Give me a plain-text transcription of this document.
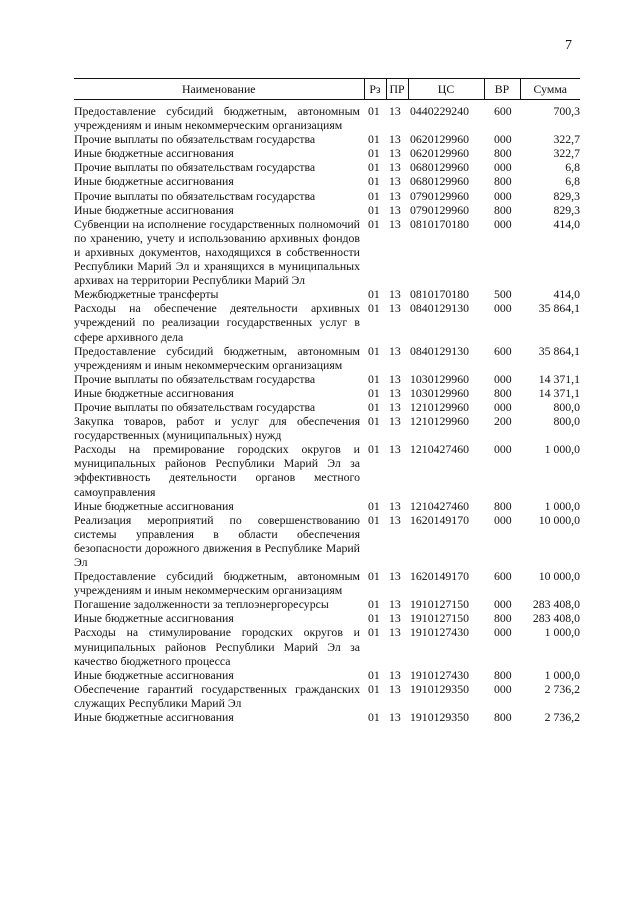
7
Наименование	Рз	ПР	ЦС	ВР	Сумма
Предоставление субсидий бюджетным, автономным учреждениям и иным некоммерческим организациям	01	13	0440229240	600	700,3
Прочие выплаты по обязательствам государства	01	13	0620129960	000	322,7
Иные бюджетные ассигнования	01	13	0620129960	800	322,7
Прочие выплаты по обязательствам государства	01	13	0680129960	000	6,8
Иные бюджетные ассигнования	01	13	0680129960	800	6,8
Прочие выплаты по обязательствам государства	01	13	0790129960	000	829,3
Иные бюджетные ассигнования	01	13	0790129960	800	829,3
Субвенции на исполнение государственных полномочий по хранению, учету и использованию архивных фондов и архивных документов, находящихся в собственности Республики Марий Эл и хранящихся в муниципальных архивах на территории Республики Марий Эл	01	13	0810170180	000	414,0
Межбюджетные трансферты	01	13	0810170180	500	414,0
Расходы на обеспечение деятельности архивных учреждений по реализации государственных услуг в сфере архивного дела	01	13	0840129130	000	35 864,1
Предоставление субсидий бюджетным, автономным учреждениям и иным некоммерческим организациям	01	13	0840129130	600	35 864,1
Прочие выплаты по обязательствам государства	01	13	1030129960	000	14 371,1
Иные бюджетные ассигнования	01	13	1030129960	800	14 371,1
Прочие выплаты по обязательствам государства	01	13	1210129960	000	800,0
Закупка товаров, работ и услуг для обеспечения государственных (муниципальных) нужд	01	13	1210129960	200	800,0
Расходы на премирование городских округов и муниципальных районов Республики Марий Эл за эффективность деятельности органов местного самоуправления	01	13	1210427460	000	1 000,0
Иные бюджетные ассигнования	01	13	1210427460	800	1 000,0
Реализация мероприятий по совершенствованию системы управления в области обеспечения безопасности дорожного движения в Республике Марий Эл	01	13	1620149170	000	10 000,0
Предоставление субсидий бюджетным, автономным учреждениям и иным некоммерческим организациям	01	13	1620149170	600	10 000,0
Погашение задолженности за теплоэнергоресурсы	01	13	1910127150	000	283 408,0
Иные бюджетные ассигнования	01	13	1910127150	800	283 408,0
Расходы на стимулирование городских округов и муниципальных районов Республики Марий Эл за качество бюджетного процесса	01	13	1910127430	000	1 000,0
Иные бюджетные ассигнования	01	13	1910127430	800	1 000,0
Обеспечение гарантий государственных гражданских служащих Республики Марий Эл	01	13	1910129350	000	2 736,2
Иные бюджетные ассигнования	01	13	1910129350	800	2 736,2
